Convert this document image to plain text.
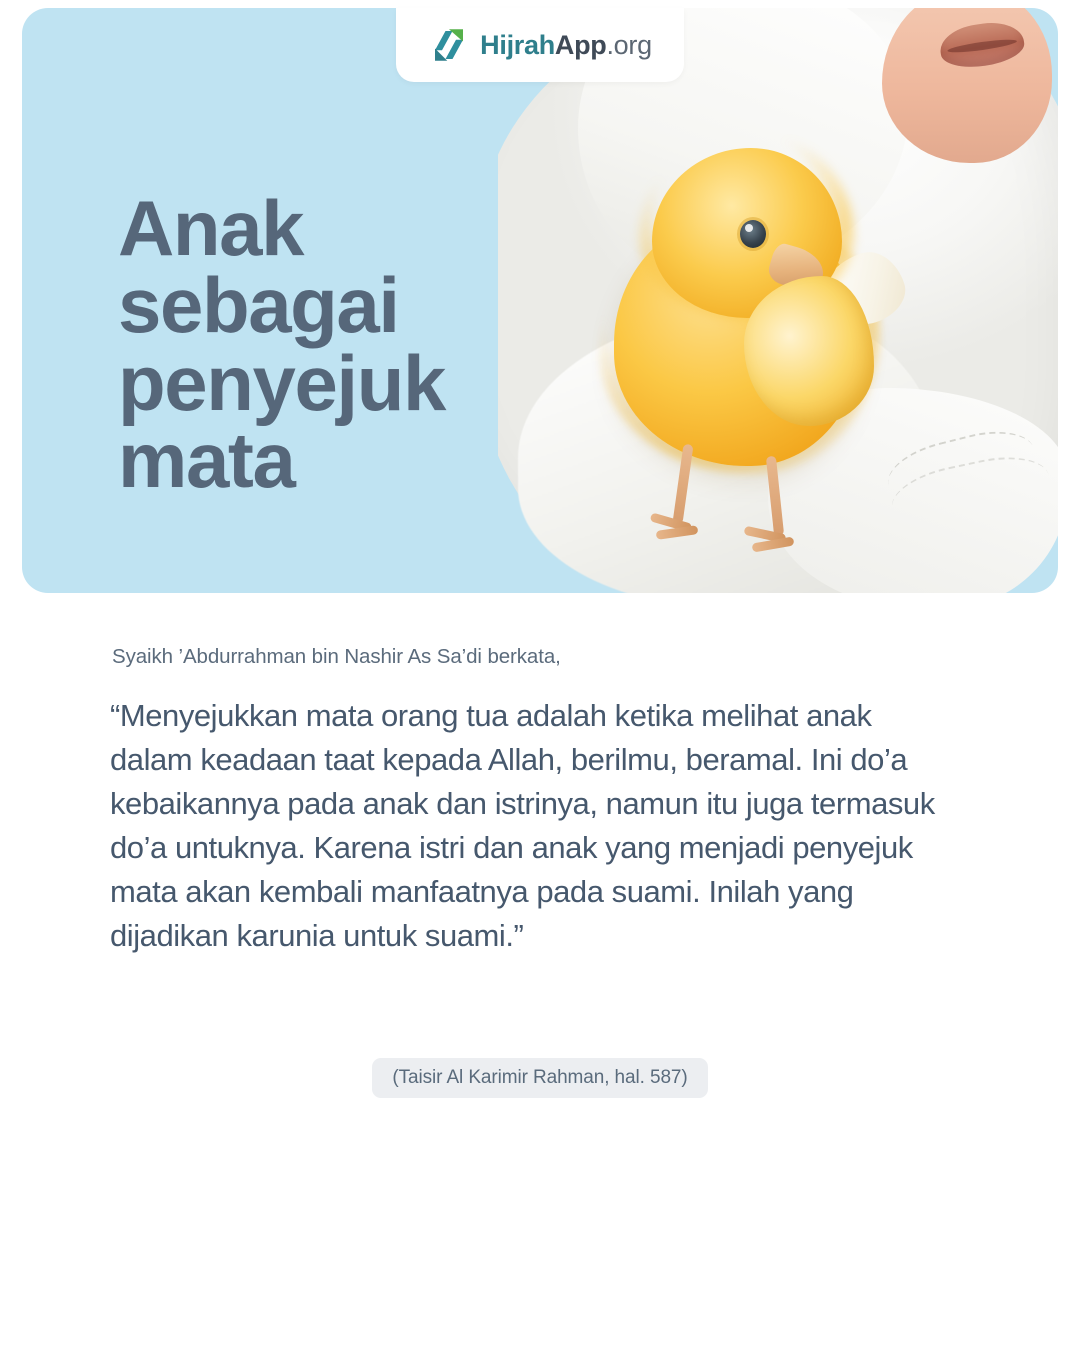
Anak sebagai penyejuk mata
HijrahApp.org
Syaikh ’Abdurrahman bin Nashir As Sa’di berkata,
“Menyejukkan mata orang tua adalah ketika melihat anak dalam keadaan taat kepada Allah, berilmu, beramal. Ini do’a kebaikannya pada anak dan istrinya, namun itu juga termasuk do’a untuknya. Karena istri dan anak yang menjadi penyejuk mata akan kembali manfaatnya pada suami. Inilah yang dijadikan karunia untuk suami.”
(Taisir Al Karimir Rahman, hal. 587)
